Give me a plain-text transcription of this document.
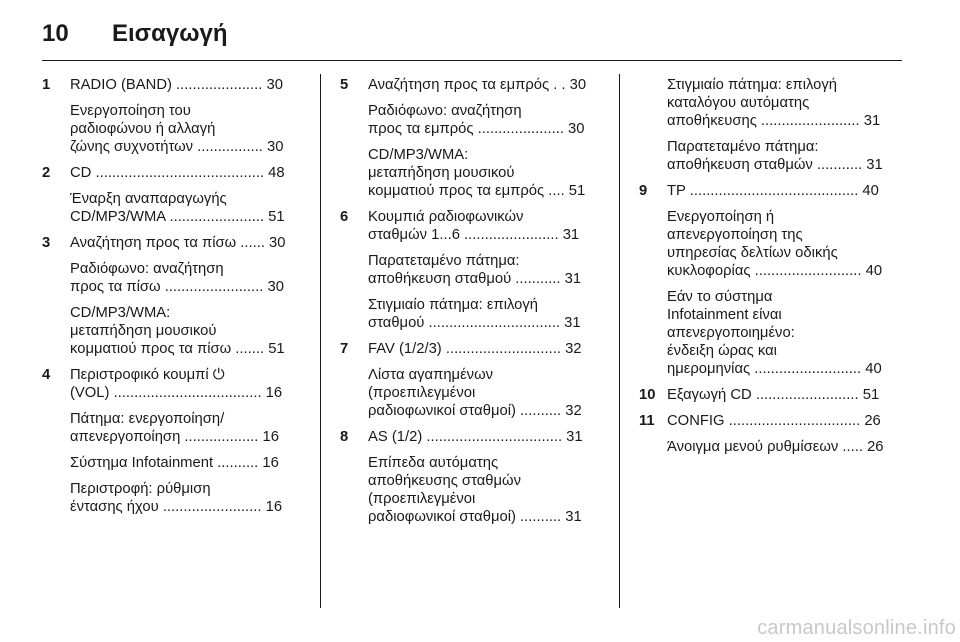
10 Εισαγωγή
1 RADIO (BAND) ..................... 30
Ενεργοποίηση του
ραδιοφώνου ή αλλαγή
ζώνης συχνοτήτων ................ 30
2 CD ......................................... 48
Έναρξη αναπαραγωγής
CD/MP3/WMA ....................... 51
3 Αναζήτηση προς τα πίσω ...... 30
Ραδιόφωνο: αναζήτηση
προς τα πίσω ........................ 30
CD/MP3/WMA:
μεταπήδηση μουσικού
κομματιού προς τα πίσω ....... 51
4 Περιστροφικό κουμπί ⏻
(VOL) .................................... 16
Πάτημα: ενεργοποίηση/
απενεργοποίηση .................. 16
Σύστημα Infotainment .......... 16
Περιστροφή: ρύθμιση
έντασης ήχου ........................ 16
5 Αναζήτηση προς τα εμπρός . . 30
Ραδιόφωνο: αναζήτηση
προς τα εμπρός ..................... 30
CD/MP3/WMA:
μεταπήδηση μουσικού
κομματιού προς τα εμπρός .... 51
6 Κουμπιά ραδιοφωνικών
σταθμών 1...6 ....................... 31
Παρατεταμένο πάτημα:
αποθήκευση σταθμού ........... 31
Στιγμιαίο πάτημα: επιλογή
σταθμού ................................ 31
7 FAV (1/2/3) ............................ 32
Λίστα αγαπημένων
(προεπιλεγμένοι
ραδιοφωνικοί σταθμοί) .......... 32
8 AS (1/2) ................................. 31
Επίπεδα αυτόματης
αποθήκευσης σταθμών
(προεπιλεγμένοι
ραδιοφωνικοί σταθμοί) .......... 31
Στιγμιαίο πάτημα: επιλογή
καταλόγου αυτόματης
αποθήκευσης ........................ 31
Παρατεταμένο πάτημα:
αποθήκευση σταθμών ........... 31
9 TP ......................................... 40
Ενεργοποίηση ή
απενεργοποίηση της
υπηρεσίας δελτίων οδικής
κυκλοφορίας .......................... 40
Εάν το σύστημα
Infotainment είναι
απενεργοποιημένο:
ένδειξη ώρας και
ημερομηνίας .......................... 40
10 Εξαγωγή CD ......................... 51
11 CONFIG ................................ 26
Άνοιγμα μενού ρυθμίσεων ..... 26
carmanualsonline.info
